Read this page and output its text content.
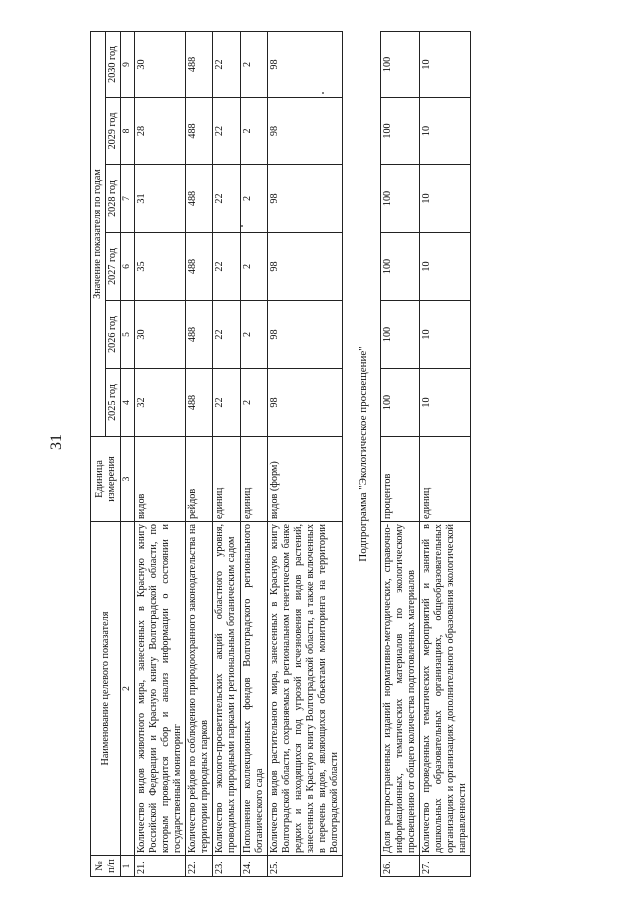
31
№ п/п	Наименование целевого показателя	Единица измерения	Значение показателя по годам					
			2025 год	2026 год	2027 год	2028 год	2029 год	2030 год
1	2	3	4	5	6	7	8	9
21.	Количество видов животного мира, занесенных в Красную книгу Российской Федерации и Красную книгу Волгоградской области, по которым проводится сбор и анализ информации о состоянии и государственный мониторинг	видов	32	30	35	31	28	30
22.	Количество рейдов по соблюдению природоохранного законодательства на территории природных парков	рейдов	488	488	488	488	488	488
23.	Количество эколого-просветительских акций областного уровня, проводимых природными парками и региональным ботаническим садом	единиц	22	22	22	22	22	22
24.	Пополнение коллекционных фондов Волгоградского регионального ботанического сада	единиц	2	2	2	2	2	2
25.	Количество видов растительного мира, занесенных в Красную книгу Волгоградской области, сохраняемых в региональном генетическом банке редких и находящихся под угрозой исчезновения видов растений, занесенных в Красную книгу Волгоградской области, а также включенных в перечень видов, являющихся объектами мониторинга на территории Волгоградской области	видов (форм)	98	98	98	98	98	98
Подпрограмма "Экологическое просвещение"								
26.	Доля распространенных изданий нормативно-методических, справочно-информационных, тематических материалов по экологическому просвещению от общего количества подготовленных материалов	процентов	100	100	100	100	100	100
27.	Количество проведенных тематических мероприятий и занятий в дошкольных образовательных организациях, общеобразовательных организациях и организациях дополнительного образования экологической направленности	единиц	10	10	10	10	10	10
